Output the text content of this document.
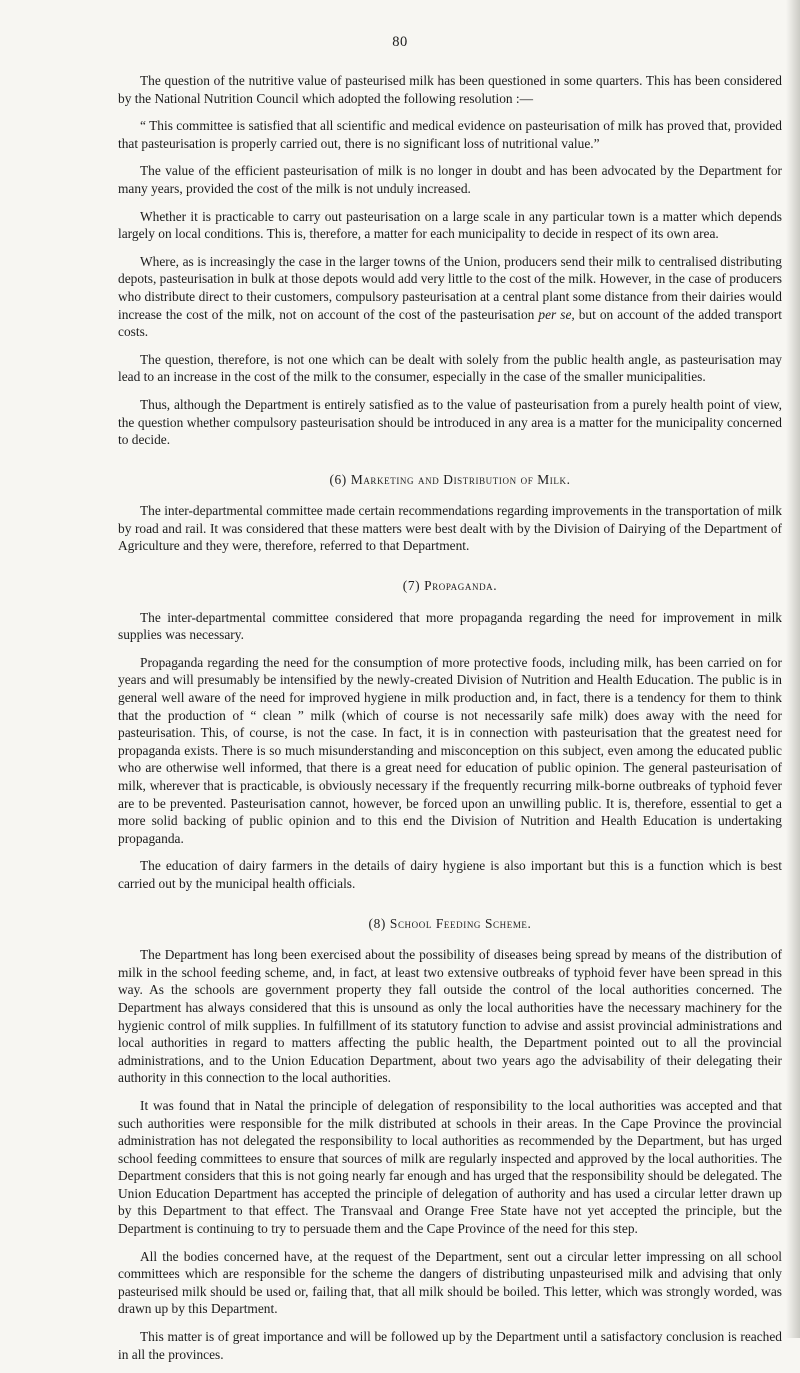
80

The question of the nutritive value of pasteurised milk has been questioned in some quarters. This has been considered by the National Nutrition Council which adopted the following resolution :—

“ This committee is satisfied that all scientific and medical evidence on pasteurisation of milk has proved that, provided that pasteurisation is properly carried out, there is no significant loss of nutritional value.”

The value of the efficient pasteurisation of milk is no longer in doubt and has been advocated by the Department for many years, provided the cost of the milk is not unduly increased.

Whether it is practicable to carry out pasteurisation on a large scale in any particular town is a matter which depends largely on local conditions. This is, therefore, a matter for each municipality to decide in respect of its own area.

Where, as is increasingly the case in the larger towns of the Union, producers send their milk to centralised distributing depots, pasteurisation in bulk at those depots would add very little to the cost of the milk. However, in the case of producers who distribute direct to their customers, compulsory pasteurisation at a central plant some distance from their dairies would increase the cost of the milk, not on account of the cost of the pasteurisation per se, but on account of the added transport costs.

The question, therefore, is not one which can be dealt with solely from the public health angle, as pasteurisation may lead to an increase in the cost of the milk to the consumer, especially in the case of the smaller municipalities.

Thus, although the Department is entirely satisfied as to the value of pasteurisation from a purely health point of view, the question whether compulsory pasteurisation should be introduced in any area is a matter for the municipality concerned to decide.

(6) Marketing and Distribution of Milk.

The inter-departmental committee made certain recommendations regarding improvements in the transportation of milk by road and rail. It was considered that these matters were best dealt with by the Division of Dairying of the Department of Agriculture and they were, therefore, referred to that Department.

(7) Propaganda.

The inter-departmental committee considered that more propaganda regarding the need for improvement in milk supplies was necessary.

Propaganda regarding the need for the consumption of more protective foods, including milk, has been carried on for years and will presumably be intensified by the newly-created Division of Nutrition and Health Education. The public is in general well aware of the need for improved hygiene in milk production and, in fact, there is a tendency for them to think that the production of “ clean ” milk (which of course is not necessarily safe milk) does away with the need for pasteurisation. This, of course, is not the case. In fact, it is in connection with pasteurisation that the greatest need for propaganda exists. There is so much misunderstanding and misconception on this subject, even among the educated public who are otherwise well informed, that there is a great need for education of public opinion. The general pasteurisation of milk, wherever that is practicable, is obviously necessary if the frequently recurring milk-borne outbreaks of typhoid fever are to be prevented. Pasteurisation cannot, however, be forced upon an unwilling public. It is, therefore, essential to get a more solid backing of public opinion and to this end the Division of Nutrition and Health Education is undertaking propaganda.

The education of dairy farmers in the details of dairy hygiene is also important but this is a function which is best carried out by the municipal health officials.

(8) School Feeding Scheme.

The Department has long been exercised about the possibility of diseases being spread by means of the distribution of milk in the school feeding scheme, and, in fact, at least two extensive outbreaks of typhoid fever have been spread in this way. As the schools are government property they fall outside the control of the local authorities concerned. The Department has always considered that this is unsound as only the local authorities have the necessary machinery for the hygienic control of milk supplies. In fulfillment of its statutory function to advise and assist provincial administrations and local authorities in regard to matters affecting the public health, the Department pointed out to all the provincial administrations, and to the Union Education Department, about two years ago the advisability of their delegating their authority in this connection to the local authorities.

It was found that in Natal the principle of delegation of responsibility to the local authorities was accepted and that such authorities were responsible for the milk distributed at schools in their areas. In the Cape Province the provincial administration has not delegated the responsibility to local authorities as recommended by the Department, but has urged school feeding committees to ensure that sources of milk are regularly inspected and approved by the local authorities. The Department considers that this is not going nearly far enough and has urged that the responsibility should be delegated. The Union Education Department has accepted the principle of delegation of authority and has used a circular letter drawn up by this Department to that effect. The Transvaal and Orange Free State have not yet accepted the principle, but the Department is continuing to try to persuade them and the Cape Province of the need for this step.

All the bodies concerned have, at the request of the Department, sent out a circular letter impressing on all school committees which are responsible for the scheme the dangers of distributing unpasteurised milk and advising that only pasteurised milk should be used or, failing that, that all milk should be boiled. This letter, which was strongly worded, was drawn up by this Department.

This matter is of great importance and will be followed up by the Department until a satisfactory conclusion is reached in all the provinces.
